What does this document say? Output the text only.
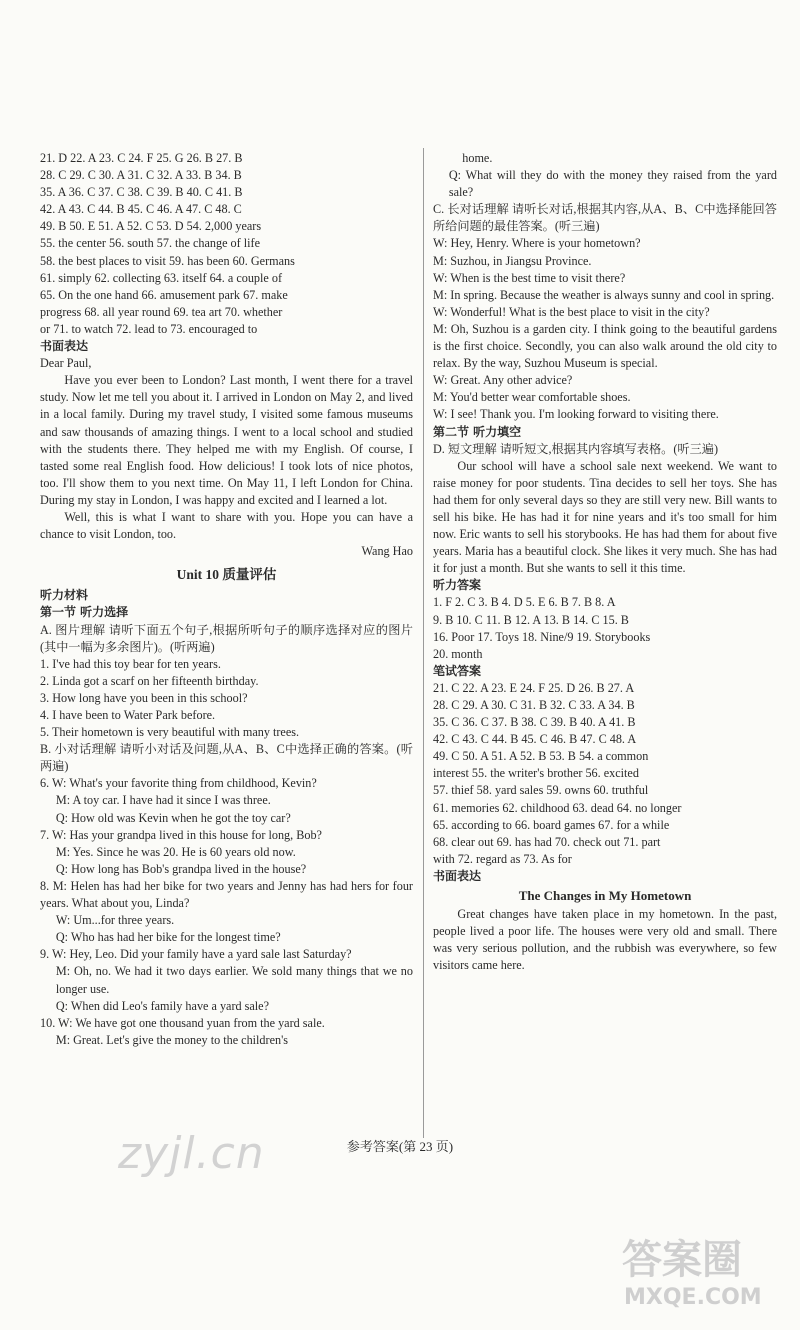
21. D 22. A 23. C 24. F 25. G 26. B 27. B

28. C 29. C 30. A 31. C 32. A 33. B 34. B

35. A 36. C 37. C 38. C 39. B 40. C 41. B

42. A 43. C 44. B 45. C 46. A 47. C 48. C

49. B 50. E 51. A 52. C 53. D 54. 2,000 years

55. the center 56. south 57. the change of life

58. the best places to visit 59. has been 60. Germans

61. simply 62. collecting 63. itself 64. a couple of

65. On the one hand 66. amusement park 67. make

progress 68. all year round 69. tea art 70. whether

or 71. to watch 72. lead to 73. encouraged to

书面表达

Dear Paul,

Have you ever been to London? Last month, I went there for a travel study. Now let me tell you about it. I arrived in London on May 2, and lived in a local family. During my travel study, I visited some famous museums and saw thousands of amazing things. I went to a local school and studied with the students there. They helped me with my English. Of course, I tasted some real English food. How delicious! I took lots of nice photos, too. I'll show them to you next time. On May 11, I left London for China. During my stay in London, I was happy and excited and I learned a lot.

Well, this is what I want to share with you. Hope you can have a chance to visit London, too.

Wang Hao

Unit 10 质量评估

听力材料

第一节 听力选择

A. 图片理解 请听下面五个句子,根据所听句子的顺序选择对应的图片(其中一幅为多余图片)。(听两遍)

1. I've had this toy bear for ten years.

2. Linda got a scarf on her fifteenth birthday.

3. How long have you been in this school?

4. I have been to Water Park before.

5. Their hometown is very beautiful with many trees.

B. 小对话理解 请听小对话及问题,从A、B、C中选择正确的答案。(听两遍)

6. W: What's your favorite thing from childhood, Kevin?

M: A toy car. I have had it since I was three.

Q: How old was Kevin when he got the toy car?

7. W: Has your grandpa lived in this house for long, Bob?

M: Yes. Since he was 20. He is 60 years old now.

Q: How long has Bob's grandpa lived in the house?

8. M: Helen has had her bike for two years and Jenny has had hers for four years. What about you, Linda?

W: Um...for three years.

Q: Who has had her bike for the longest time?

9. W: Hey, Leo. Did your family have a yard sale last Saturday?

M: Oh, no. We had it two days earlier. We sold many things that we no longer use.

Q: When did Leo's family have a yard sale?

10. W: We have got one thousand yuan from the yard sale.

M: Great. Let's give the money to the children's

home.

Q: What will they do with the money they raised from the yard sale?

C. 长对话理解 请听长对话,根据其内容,从A、B、C中选择能回答所给问题的最佳答案。(听三遍)

W: Hey, Henry. Where is your hometown?

M: Suzhou, in Jiangsu Province.

W: When is the best time to visit there?

M: In spring. Because the weather is always sunny and cool in spring.

W: Wonderful! What is the best place to visit in the city?

M: Oh, Suzhou is a garden city. I think going to the beautiful gardens is the first choice. Secondly, you can also walk around the old city to relax. By the way, Suzhou Museum is special.

W: Great. Any other advice?

M: You'd better wear comfortable shoes.

W: I see! Thank you. I'm looking forward to visiting there.

第二节 听力填空

D. 短文理解 请听短文,根据其内容填写表格。(听三遍)

Our school will have a school sale next weekend. We want to raise money for poor students. Tina decides to sell her toys. She has had them for only several days so they are still very new. Bill wants to sell his bike. He has had it for nine years and it's too small for him now. Eric wants to sell his storybooks. He has had them for about five years. Maria has a beautiful clock. She likes it very much. She has had it for just a month. But she wants to sell it this time.

听力答案

1. F 2. C 3. B 4. D 5. E 6. B 7. B 8. A

9. B 10. C 11. B 12. A 13. B 14. C 15. B

16. Poor 17. Toys 18. Nine/9 19. Storybooks

20. month

笔试答案

21. C 22. A 23. E 24. F 25. D 26. B 27. A

28. C 29. A 30. C 31. B 32. C 33. A 34. B

35. C 36. C 37. B 38. C 39. B 40. A 41. B

42. C 43. C 44. B 45. C 46. B 47. C 48. A

49. C 50. A 51. A 52. B 53. B 54. a common

interest 55. the writer's brother 56. excited

57. thief 58. yard sales 59. owns 60. truthful

61. memories 62. childhood 63. dead 64. no longer

65. according to 66. board games 67. for a while

68. clear out 69. has had 70. check out 71. part

with 72. regard as 73. As for

书面表达

The Changes in My Hometown

Great changes have taken place in my hometown. In the past, people lived a poor life. The houses were very old and small. There was very serious pollution, and the rubbish was everywhere, so few visitors came here.

参考答案(第 23 页)
zyjl.cn
答案圈
MXQE.COM
